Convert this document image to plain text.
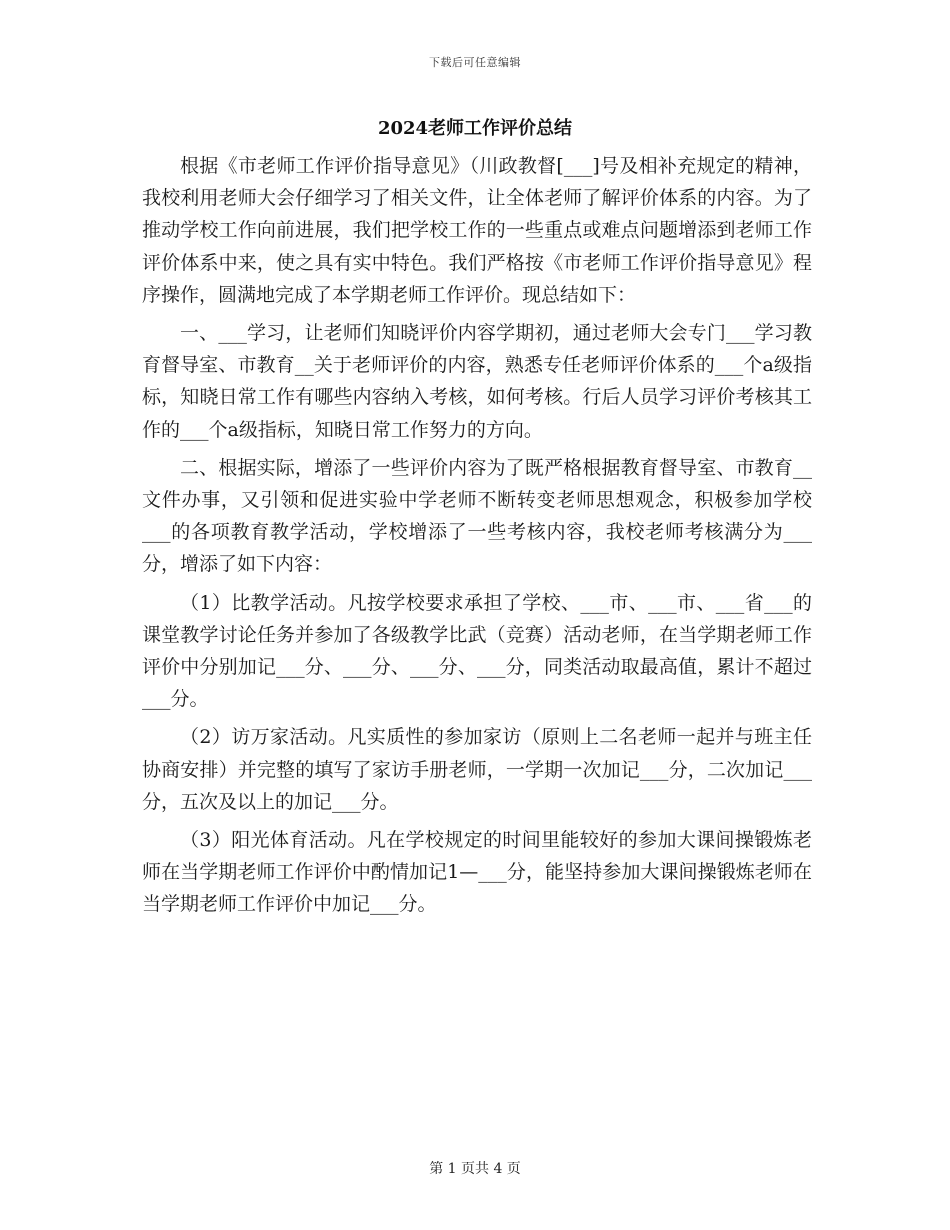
下载后可任意编辑
2024老师工作评价总结

根据《市老师工作评价指导意见》（川政教督[___]号及相补充规定的精神，我校利用老师大会仔细学习了相关文件，让全体老师了解评价体系的内容。为了推动学校工作向前进展，我们把学校工作的一些重点或难点问题增添到老师工作评价体系中来，使之具有实中特色。我们严格按《市老师工作评价指导意见》程序操作，圆满地完成了本学期老师工作评价。现总结如下：

一、___学习，让老师们知晓评价内容学期初，通过老师大会专门___学习教育督导室、市教育__关于老师评价的内容，熟悉专任老师评价体系的___个a级指标，知晓日常工作有哪些内容纳入考核，如何考核。行后人员学习评价考核其工作的___个a级指标，知晓日常工作努力的方向。

二、根据实际，增添了一些评价内容为了既严格根据教育督导室、市教育__文件办事，又引领和促进实验中学老师不断转变老师思想观念，积极参加学校___的各项教育教学活动，学校增添了一些考核内容，我校老师考核满分为___分，增添了如下内容：

（1）比教学活动。凡按学校要求承担了学校、___市、___市、___省___的课堂教学讨论任务并参加了各级教学比武（竞赛）活动老师，在当学期老师工作评价中分别加记___分、___分、___分、___分，同类活动取最高值，累计不超过___分。

（2）访万家活动。凡实质性的参加家访（原则上二名老师一起并与班主任协商安排）并完整的填写了家访手册老师，一学期一次加记___分，二次加记___分，五次及以上的加记___分。

（3）阳光体育活动。凡在学校规定的时间里能较好的参加大课间操锻炼老师在当学期老师工作评价中酌情加记1—___分，能坚持参加大课间操锻炼老师在当学期老师工作评价中加记___分。

第 1 页共 4 页
